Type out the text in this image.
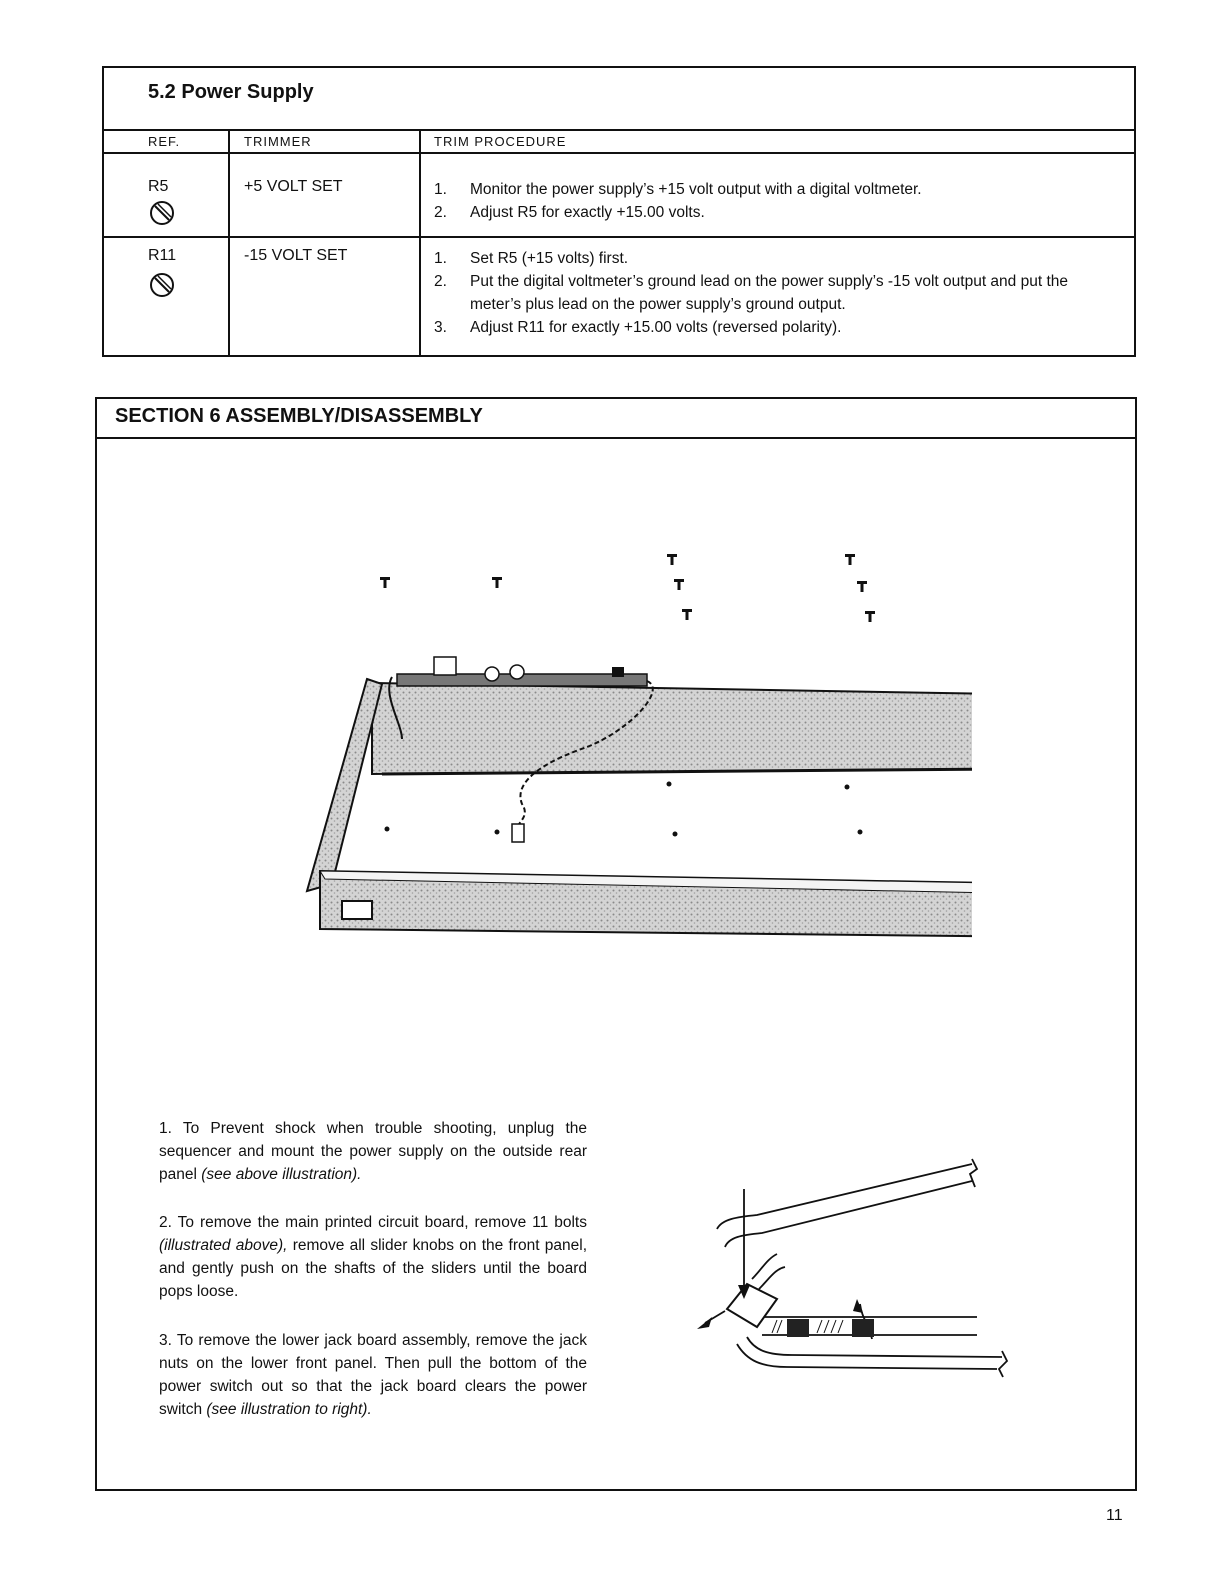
5.2 Power Supply
REF.	TRIMMER	TRIM PROCEDURE
R5	+5 VOLT SET	1. Monitor the power supply’s +15 volt output with a digital voltmeter.
2. Adjust R5 for exactly +15.00 volts.
R11	-15 VOLT SET	1. Set R5 (+15 volts) first.
2. Put the digital voltmeter’s ground lead on the power supply’s -15 volt output and put the meter’s plus lead on the power supply’s ground output.
3. Adjust R11 for exactly +15.00 volts (reversed polarity).
SECTION 6 ASSEMBLY/DISASSEMBLY

1. To Prevent shock when trouble shooting, unplug the sequencer and mount the power supply on the outside rear panel (see above illustration).

2. To remove the main printed circuit board, remove 11 bolts (illustrated above), remove all slider knobs on the front panel, and gently push on the shafts of the sliders until the board pops loose.

3. To remove the lower jack board assembly, remove the jack nuts on the lower front panel. Then pull the bottom of the power switch out so that the jack board clears the power switch (see illustration to right).

11
